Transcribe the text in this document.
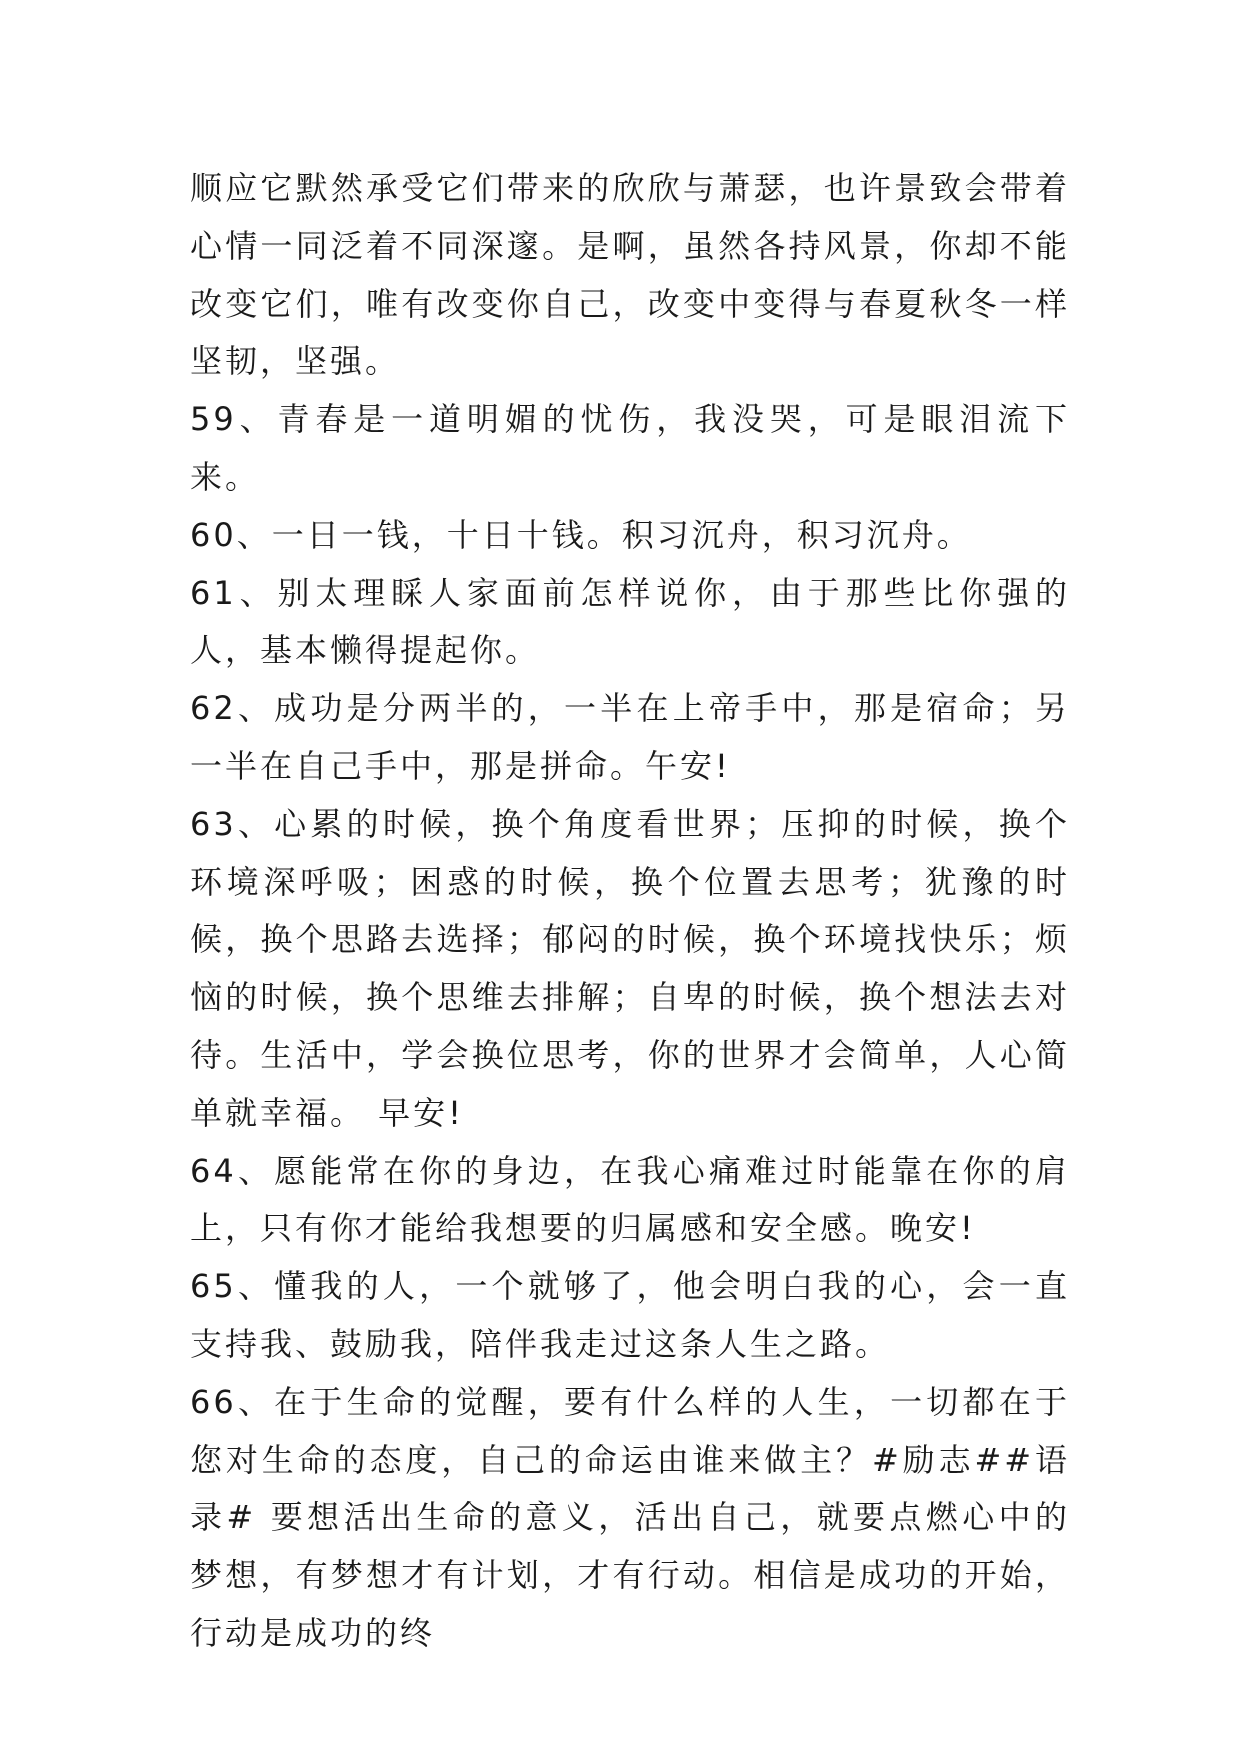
顺应它默然承受它们带来的欣欣与萧瑟，也许景致会带着心情一同泛着不同深邃。是啊，虽然各持风景，你却不能改变它们，唯有改变你自己，改变中变得与春夏秋冬一样坚韧，坚强。

59、青春是一道明媚的忧伤，我没哭，可是眼泪流下来。

60、一日一钱，十日十钱。积习沉舟，积习沉舟。

61、别太理睬人家面前怎样说你，由于那些比你强的人，基本懒得提起你。

62、成功是分两半的，一半在上帝手中，那是宿命；另一半在自己手中，那是拼命。午安!

63、心累的时候，换个角度看世界；压抑的时候，换个环境深呼吸；困惑的时候，换个位置去思考；犹豫的时候，换个思路去选择；郁闷的时候，换个环境找快乐；烦恼的时候，换个思维去排解；自卑的时候，换个想法去对待。生活中，学会换位思考，你的世界才会简单，人心简单就幸福。 早安!

64、愿能常在你的身边，在我心痛难过时能靠在你的肩上，只有你才能给我想要的归属感和安全感。晚安!

65、懂我的人，一个就够了，他会明白我的心，会一直支持我、鼓励我，陪伴我走过这条人生之路。

66、在于生命的觉醒，要有什么样的人生，一切都在于您对生命的态度，自己的命运由谁来做主？#励志##语录# 要想活出生命的意义，活出自己，就要点燃心中的梦想，有梦想才有计划，才有行动。相信是成功的开始，行动是成功的终
